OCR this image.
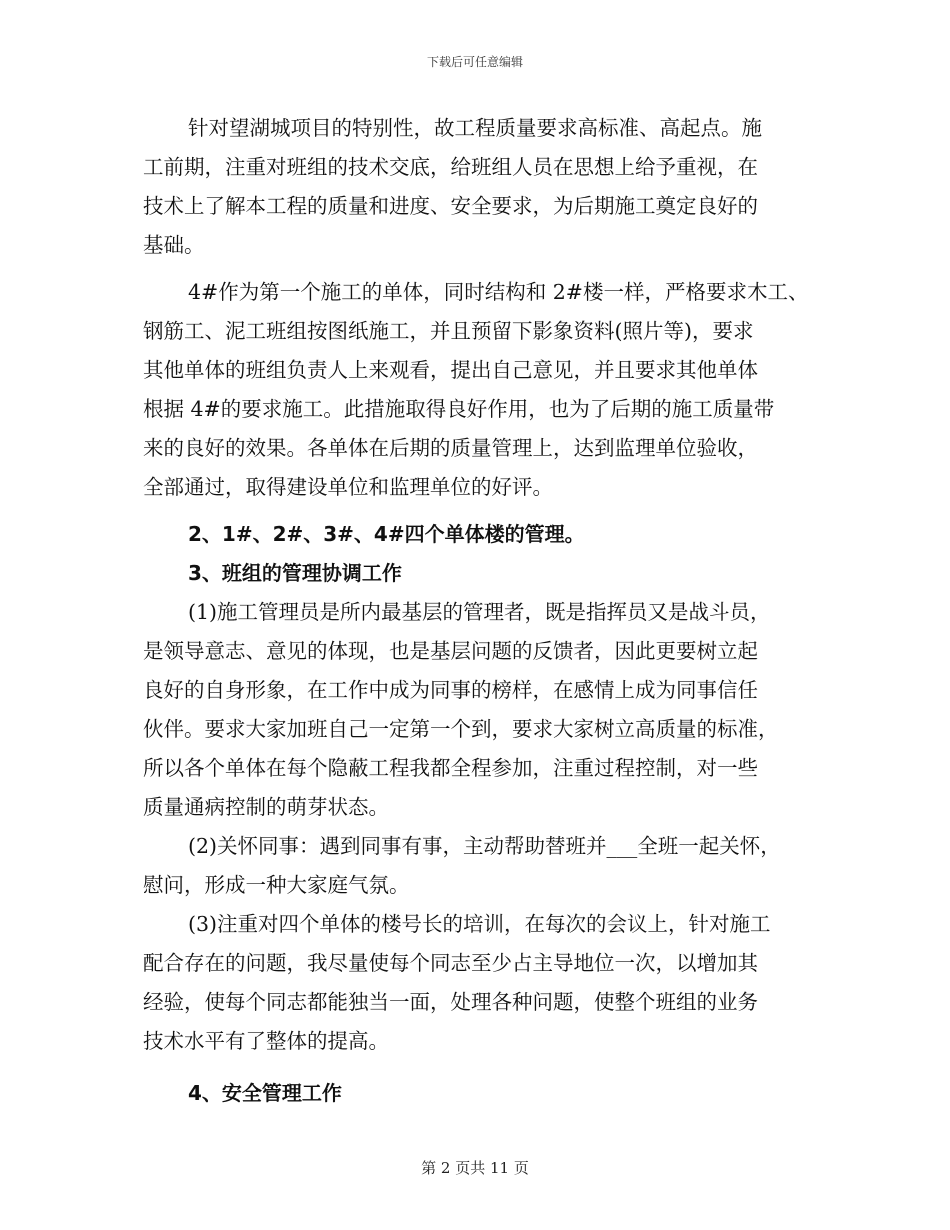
下载后可任意编辑
针对望湖城项目的特别性，故工程质量要求高标准、高起点。施
工前期，注重对班组的技术交底，给班组人员在思想上给予重视，在
技术上了解本工程的质量和进度、安全要求，为后期施工奠定良好的
基础。
4#作为第一个施工的单体，同时结构和 2#楼一样，严格要求木工、
钢筋工、泥工班组按图纸施工，并且预留下影象资料(照片等)，要求
其他单体的班组负责人上来观看，提出自己意见，并且要求其他单体
根据 4#的要求施工。此措施取得良好作用，也为了后期的施工质量带
来的良好的效果。各单体在后期的质量管理上，达到监理单位验收，
全部通过，取得建设单位和监理单位的好评。
2、1#、2#、3#、4#四个单体楼的管理。
3、班组的管理协调工作
(1)施工管理员是所内最基层的管理者，既是指挥员又是战斗员，
是领导意志、意见的体现，也是基层问题的反馈者，因此更要树立起
良好的自身形象，在工作中成为同事的榜样，在感情上成为同事信任
伙伴。要求大家加班自己一定第一个到，要求大家树立高质量的标准，
所以各个单体在每个隐蔽工程我都全程参加，注重过程控制，对一些
质量通病控制的萌芽状态。
(2)关怀同事：遇到同事有事，主动帮助替班并___全班一起关怀，
慰问，形成一种大家庭气氛。
(3)注重对四个单体的楼号长的培训，在每次的会议上，针对施工
配合存在的问题，我尽量使每个同志至少占主导地位一次，以增加其
经验，使每个同志都能独当一面，处理各种问题，使整个班组的业务
技术水平有了整体的提高。
4、安全管理工作
第 2 页共 11 页
